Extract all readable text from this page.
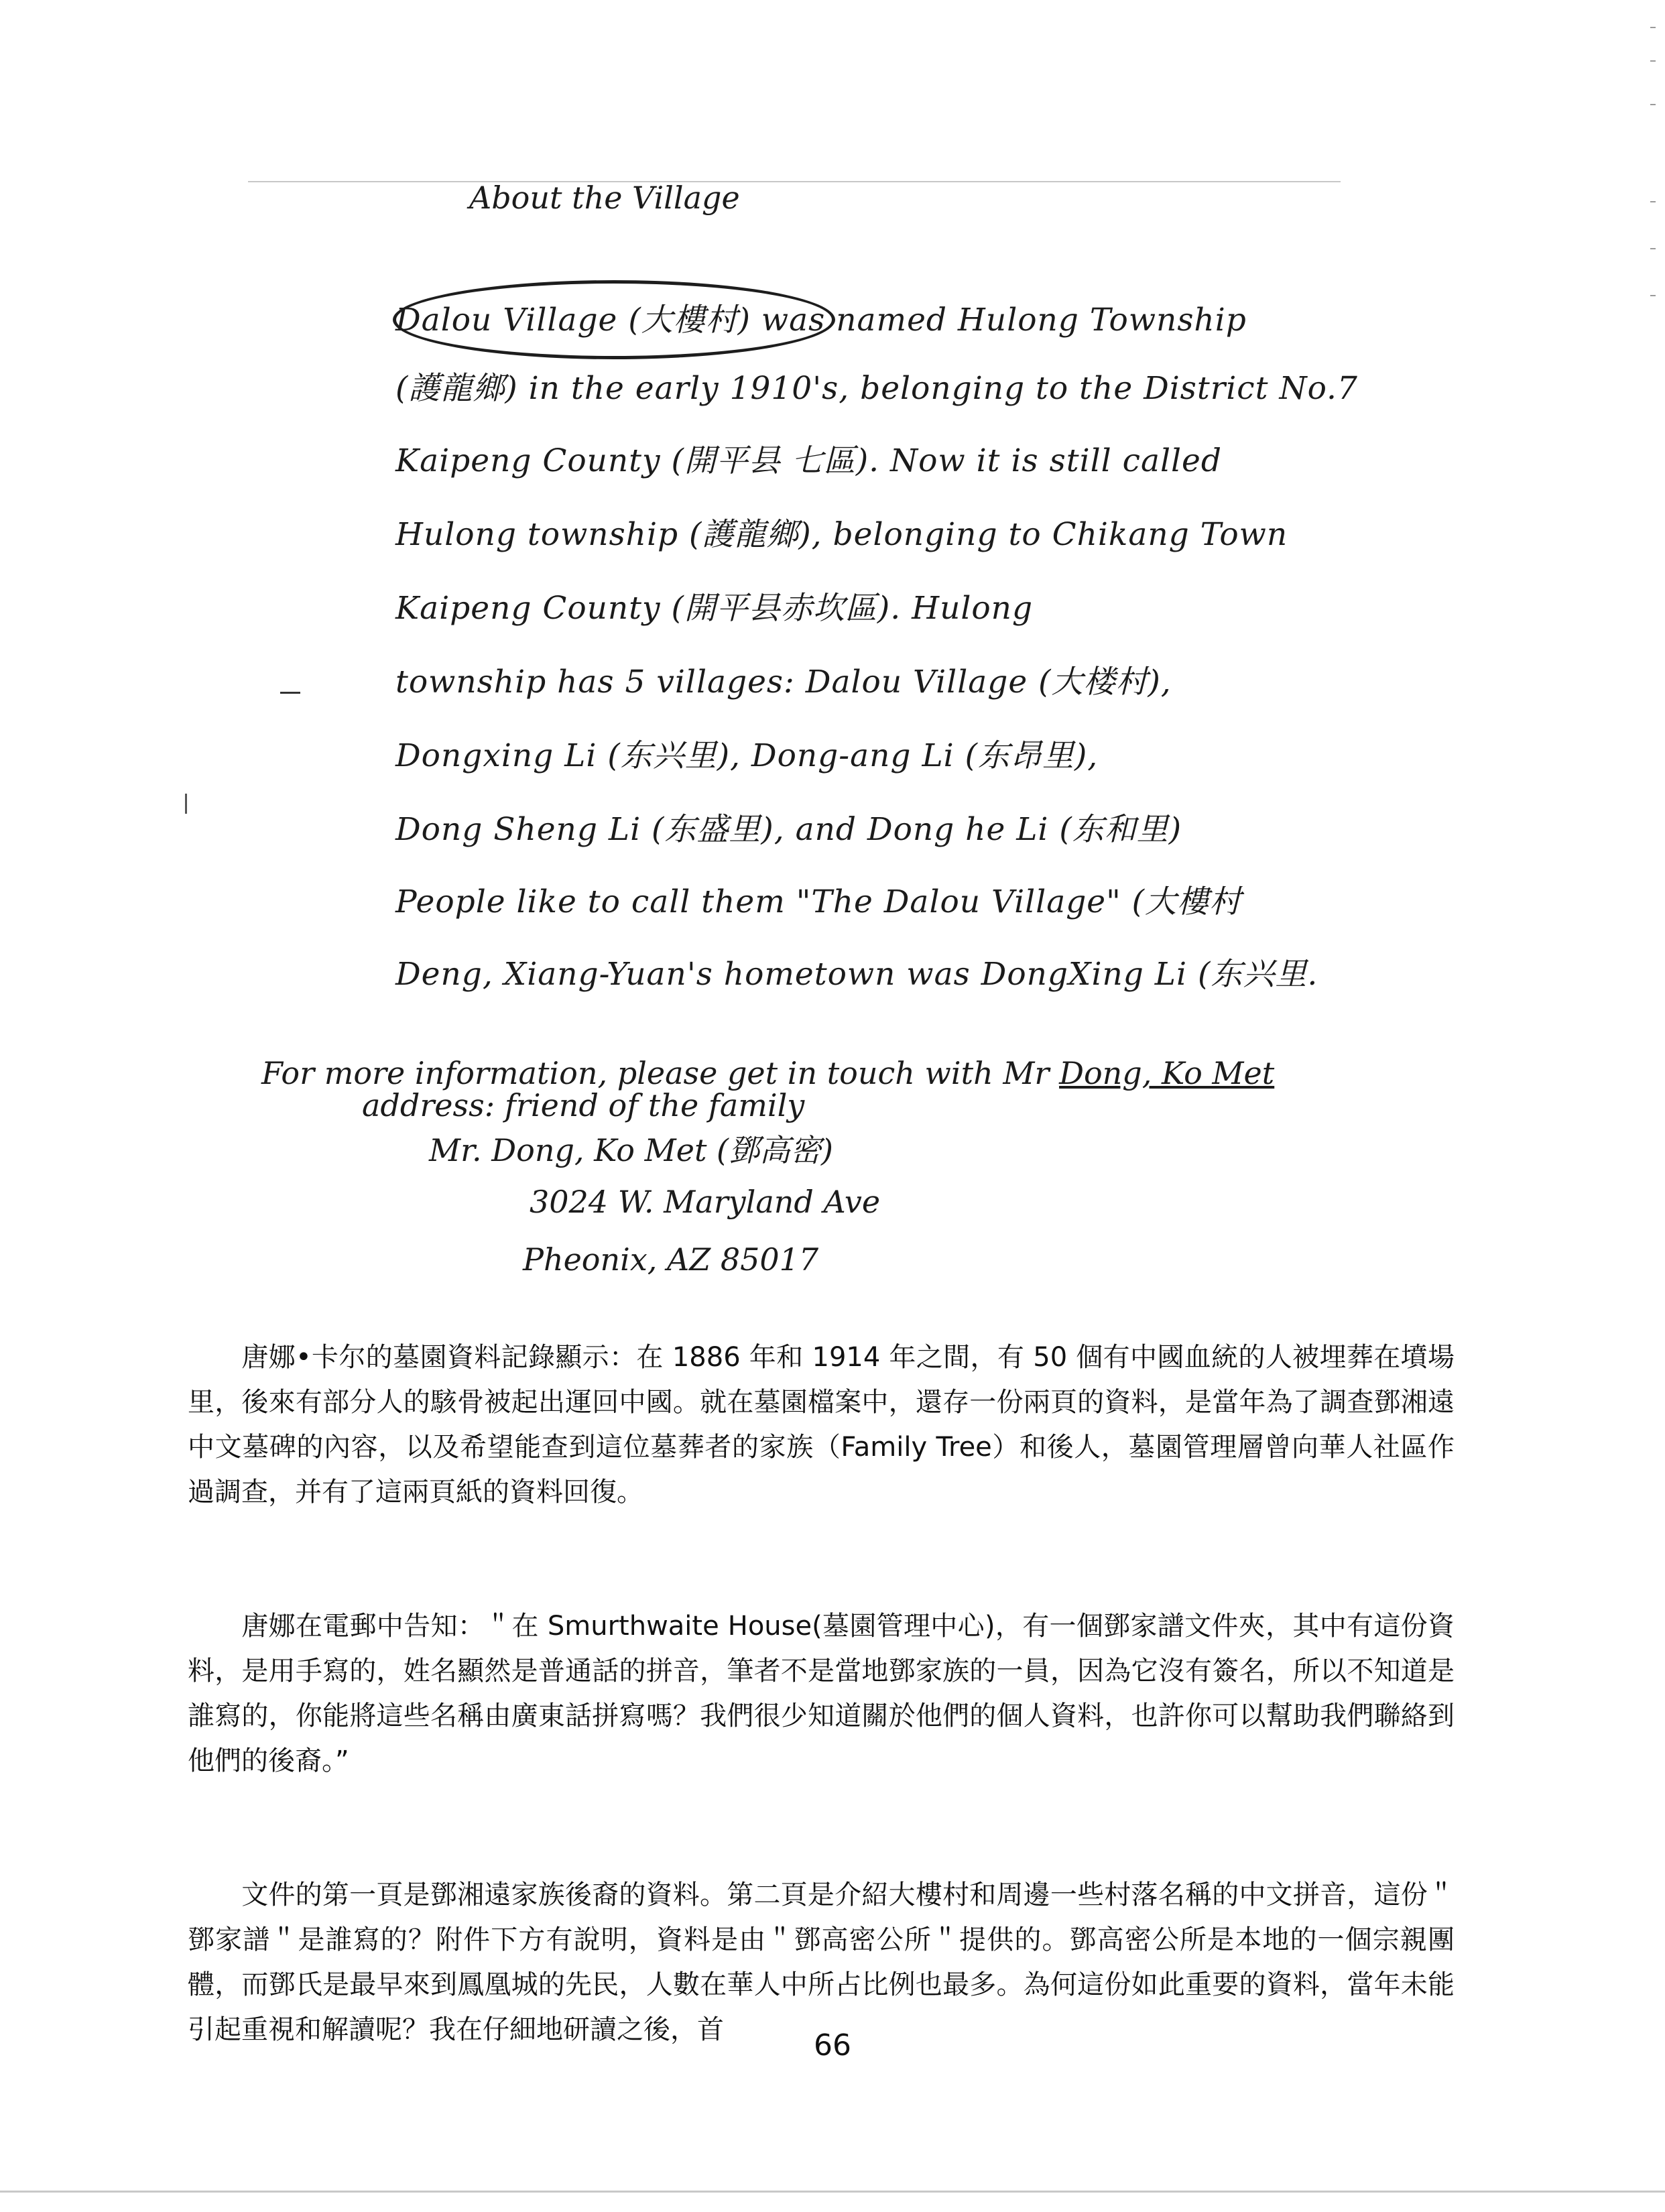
About the Village
Dalou Village (大樓村) was named Hulong Township
(護龍鄉) in the early 1910's, belonging to the District No.7
Kaipeng County (開平县 七區). Now it is still called
Hulong township (護龍鄉), belonging to Chikang Town
Kaipeng County (開平县赤坎區). Hulong
township has 5 villages: Dalou Village (大楼村),
Dongxing Li (东兴里), Dong-ang Li (东昂里),
Dong Sheng Li (东盛里), and Dong he Li (东和里)
People like to call them "The Dalou Village" (大樓村
Deng, Xiang-Yuan's hometown was DongXing Li (东兴里.
For more information, please get in touch with Mr Dong, Ko Met
address: friend of the family
Mr. Dong, Ko Met (鄧高密)
3024 W. Maryland Ave
Pheonix, AZ 85017

唐娜•卡尔的墓園資料記錄顯示：在 1886 年和 1914 年之間，有 50 個有中國血統的人被埋葬在墳場里，後來有部分人的駭骨被起出運回中國。就在墓園檔案中，還存一份兩頁的資料，是當年為了調查鄧湘遠中文墓碑的內容，以及希望能查到這位墓葬者的家族（Family Tree）和後人，墓園管理層曾向華人社區作過調查，并有了這兩頁紙的資料回復。

唐娜在電郵中告知：＂在 Smurthwaite House(墓園管理中心)，有一個鄧家譜文件夾，其中有這份資料，是用手寫的，姓名顯然是普通話的拼音，筆者不是當地鄧家族的一員，因為它沒有簽名，所以不知道是誰寫的，你能將這些名稱由廣東話拼寫嗎？我們很少知道關於他們的個人資料，也許你可以幫助我們聯絡到他們的後裔。”

文件的第一頁是鄧湘遠家族後裔的資料。第二頁是介紹大樓村和周邊一些村落名稱的中文拼音，這份＂鄧家譜＂是誰寫的？附件下方有說明，資料是由＂鄧高密公所＂提供的。鄧高密公所是本地的一個宗親團體，而鄧氏是最早來到鳳凰城的先民，人數在華人中所占比例也最多。為何這份如此重要的資料，當年未能引起重視和解讀呢？我在仔細地研讀之後，首	66
